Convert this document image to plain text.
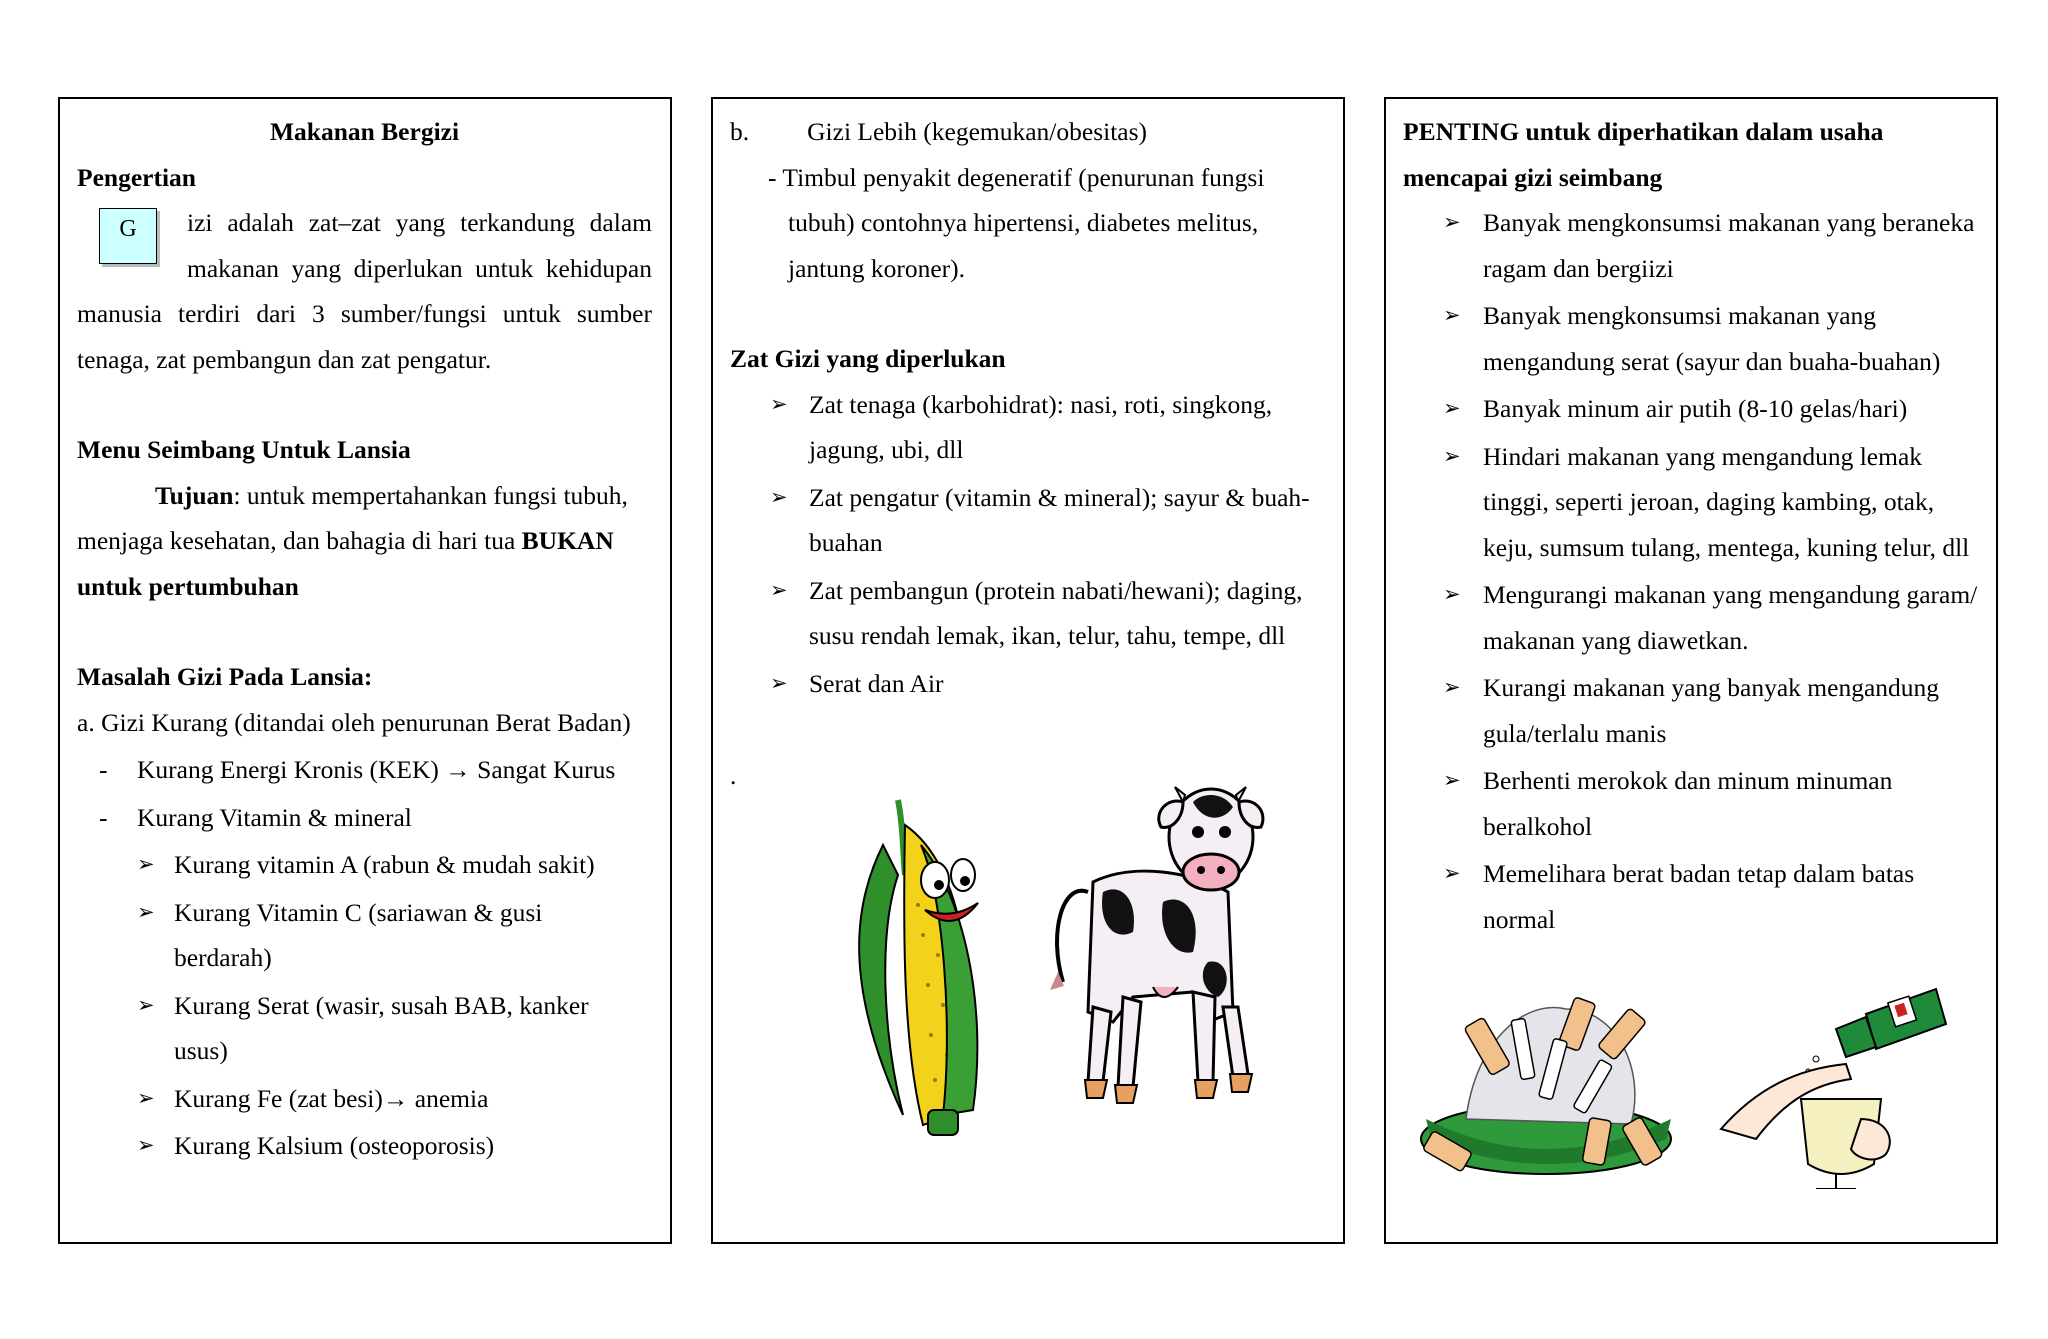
Makanan Bergizi

Pengertian

G	izi adalah zat–zat yang terkandung dalam makanan yang diperlukan untuk kehidupan manusia terdiri dari 3 sumber/fungsi untuk sumber tenaga, zat pembangun dan zat pengatur.

Menu Seimbang Untuk Lansia

Tujuan: untuk mempertahankan fungsi tubuh, menjaga kesehatan, dan bahagia di hari tua BUKAN untuk pertumbuhan

Masalah Gizi Pada Lansia:

a. Gizi Kurang (ditandai oleh penurunan Berat Badan)

- Kurang Energi Kronis (KEK) → Sangat Kurus
- Kurang Vitamin & mineral
➢ Kurang vitamin A (rabun & mudah sakit)
➢ Kurang Vitamin C (sariawan & gusi berdarah)
➢ Kurang Serat (wasir, susah BAB, kanker usus)
➢ Kurang Fe (zat besi)→ anemia
➢ Kurang Kalsium (osteoporosis)

b. Gizi Lebih (kegemukan/obesitas)

- Timbul penyakit degeneratif (penurunan fungsi tubuh) contohnya hipertensi, diabetes melitus, jantung koroner).

Zat Gizi yang diperlukan

➢ Zat tenaga (karbohidrat): nasi, roti, singkong, jagung, ubi, dll
➢ Zat pengatur (vitamin & mineral); sayur & buah-buahan
➢ Zat pembangun (protein nabati/hewani); daging, susu rendah lemak, ikan, telur, tahu, tempe, dll
➢ Serat dan Air

.

PENTING untuk diperhatikan dalam usaha mencapai gizi seimbang

➢ Banyak mengkonsumsi makanan yang beraneka ragam dan bergiizi
➢ Banyak mengkonsumsi makanan yang mengandung serat (sayur dan buaha-buahan)
➢ Banyak minum air putih (8-10 gelas/hari)
➢ Hindari makanan yang mengandung lemak tinggi, seperti jeroan, daging kambing, otak, keju, sumsum tulang, mentega, kuning telur, dll
➢ Mengurangi makanan yang mengandung garam/ makanan yang diawetkan.
➢ Kurangi makanan yang banyak mengandung gula/terlalu manis
➢ Berhenti merokok dan minum minuman beralkohol
➢ Memelihara berat badan tetap dalam batas normal
